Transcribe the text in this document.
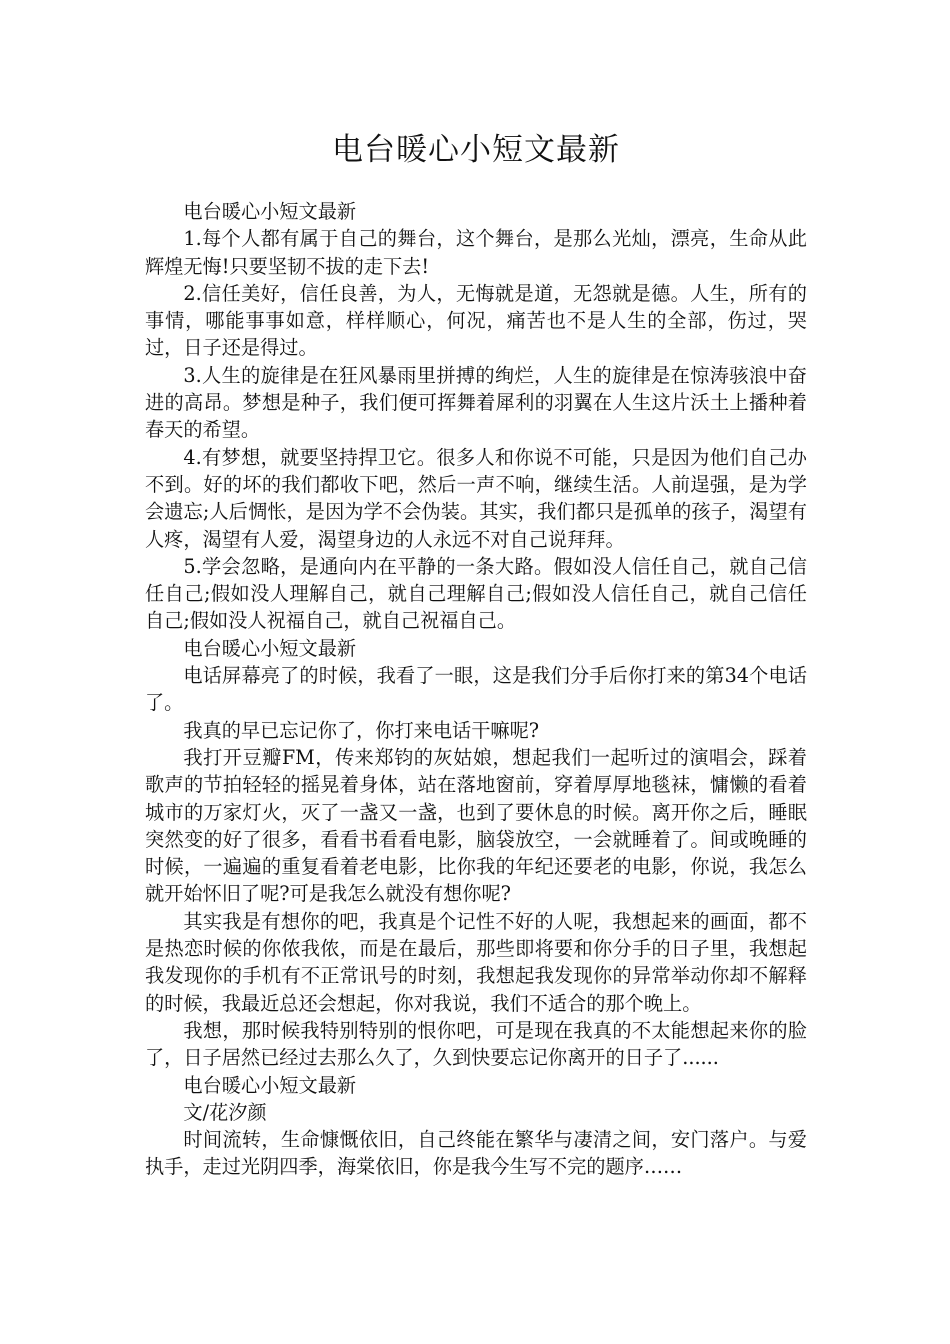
电台暖心小短文最新

电台暖心小短文最新

1.每个人都有属于自己的舞台，这个舞台，是那么光灿，漂亮，生命从此辉煌无悔!只要坚韧不拔的走下去!

2.信任美好，信任良善，为人，无悔就是道，无怨就是德。人生，所有的事情，哪能事事如意，样样顺心，何况，痛苦也不是人生的全部，伤过，哭过，日子还是得过。

3.人生的旋律是在狂风暴雨里拼搏的绚烂，人生的旋律是在惊涛骇浪中奋进的高昂。梦想是种子，我们便可挥舞着犀利的羽翼在人生这片沃土上播种着春天的希望。

4.有梦想，就要坚持捍卫它。很多人和你说不可能，只是因为他们自己办不到。好的坏的我们都收下吧，然后一声不响，继续生活。人前逞强，是为学会遗忘;人后惆怅，是因为学不会伪装。其实，我们都只是孤单的孩子，渴望有人疼，渴望有人爱，渴望身边的人永远不对自己说拜拜。

5.学会忽略，是通向内在平静的一条大路。假如没人信任自己，就自己信任自己;假如没人理解自己，就自己理解自己;假如没人信任自己，就自己信任自己;假如没人祝福自己，就自己祝福自己。

电台暖心小短文最新

电话屏幕亮了的时候，我看了一眼，这是我们分手后你打来的第34个电话了。

我真的早已忘记你了，你打来电话干嘛呢?

我打开豆瓣FM，传来郑钧的灰姑娘，想起我们一起听过的演唱会，踩着歌声的节拍轻轻的摇晃着身体，站在落地窗前，穿着厚厚地毯袜，慵懒的看着城市的万家灯火，灭了一盏又一盏，也到了要休息的时候。离开你之后，睡眠突然变的好了很多，看看书看看电影，脑袋放空，一会就睡着了。间或晚睡的时候，一遍遍的重复看着老电影，比你我的年纪还要老的电影，你说，我怎么就开始怀旧了呢?可是我怎么就没有想你呢?

其实我是有想你的吧，我真是个记性不好的人呢，我想起来的画面，都不是热恋时候的你侬我侬，而是在最后，那些即将要和你分手的日子里，我想起我发现你的手机有不正常讯号的时刻，我想起我发现你的异常举动你却不解释的时候，我最近总还会想起，你对我说，我们不适合的那个晚上。

我想，那时候我特别特别的恨你吧，可是现在我真的不太能想起来你的脸了，日子居然已经过去那么久了，久到快要忘记你离开的日子了......

电台暖心小短文最新

文/花汐颜

时间流转，生命慷慨依旧，自己终能在繁华与凄清之间，安门落户。与爱执手，走过光阴四季，海棠依旧，你是我今生写不完的题序……
